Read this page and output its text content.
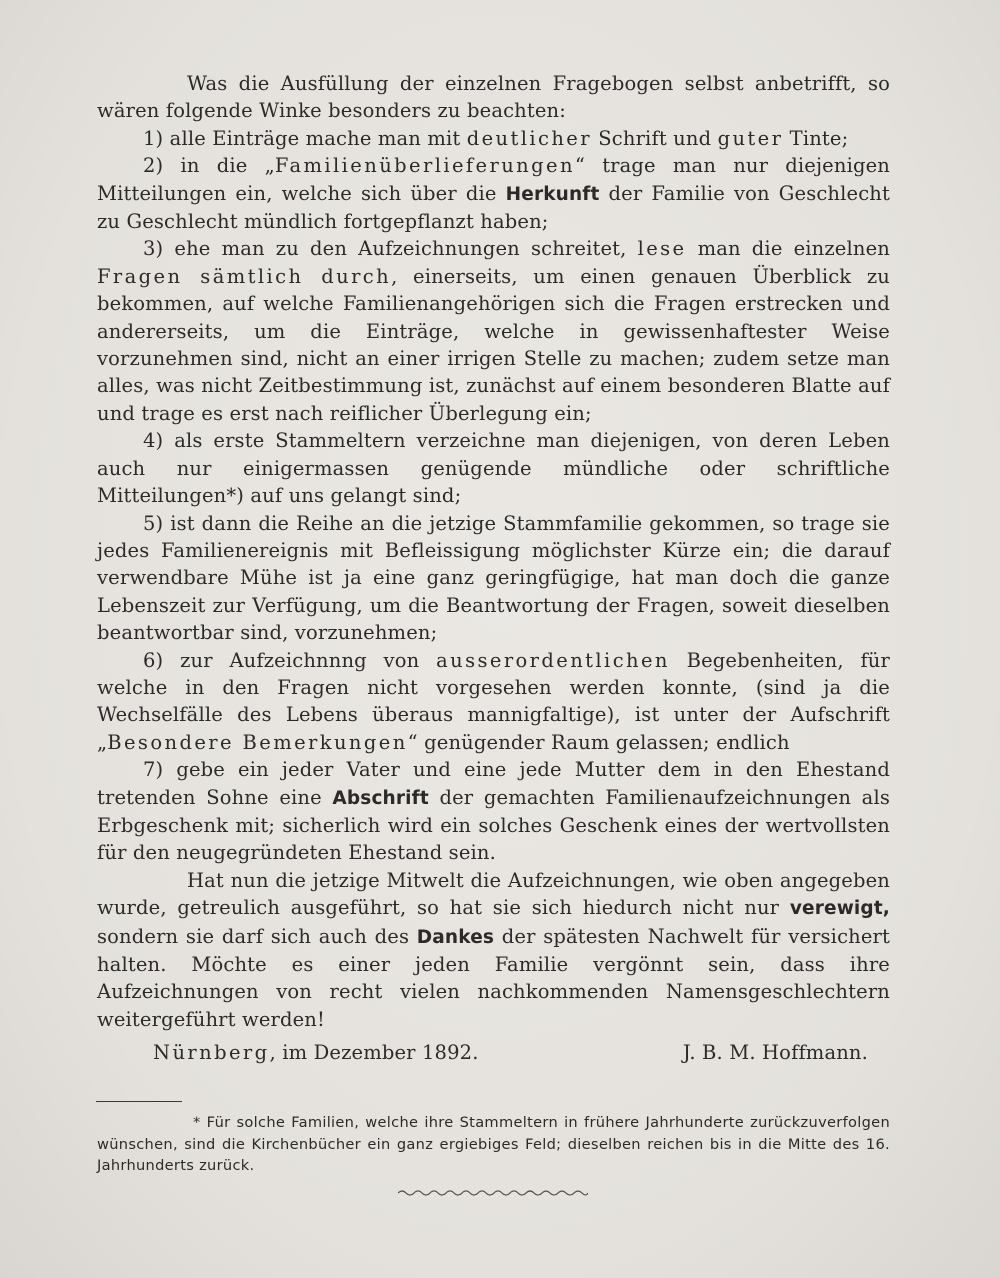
Was die Ausfüllung der einzelnen Fragebogen selbst anbetrifft, so wären folgende Winke besonders zu beachten:

1) alle Einträge mache man mit deutlicher Schrift und guter Tinte;

2) in die „Familienüberlieferungen“ trage man nur diejenigen Mitteilungen ein, welche sich über die Herkunft der Familie von Geschlecht zu Geschlecht mündlich fortgepflanzt haben;

3) ehe man zu den Aufzeichnungen schreitet, lese man die einzelnen Fragen sämtlich durch, einerseits, um einen genauen Überblick zu bekommen, auf welche Familienangehörigen sich die Fragen erstrecken und andererseits, um die Einträge, welche in gewissenhaftester Weise vorzunehmen sind, nicht an einer irrigen Stelle zu machen; zudem setze man alles, was nicht Zeitbestimmung ist, zunächst auf einem besonderen Blatte auf und trage es erst nach reiflicher Überlegung ein;

4) als erste Stammeltern verzeichne man diejenigen, von deren Leben auch nur einigermassen genügende mündliche oder schriftliche Mitteilungen*) auf uns gelangt sind;

5) ist dann die Reihe an die jetzige Stammfamilie gekommen, so trage sie jedes Familienereignis mit Befleissigung möglichster Kürze ein; die darauf verwendbare Mühe ist ja eine ganz geringfügige, hat man doch die ganze Lebenszeit zur Verfügung, um die Beantwortung der Fragen, soweit dieselben beantwortbar sind, vorzunehmen;

6) zur Aufzeichnnng von ausserordentlichen Begebenheiten, für welche in den Fragen nicht vorgesehen werden konnte, (sind ja die Wechselfälle des Lebens überaus mannigfaltige), ist unter der Aufschrift „Besondere Bemerkungen“ genügender Raum gelassen; endlich

7) gebe ein jeder Vater und eine jede Mutter dem in den Ehestand tretenden Sohne eine Abschrift der gemachten Familienaufzeichnungen als Erbgeschenk mit; sicherlich wird ein solches Geschenk eines der wertvollsten für den neugegründeten Ehestand sein.

Hat nun die jetzige Mitwelt die Aufzeichnungen, wie oben angegeben wurde, getreulich ausgeführt, so hat sie sich hiedurch nicht nur verewigt, sondern sie darf sich auch des Dankes der spätesten Nachwelt für versichert halten. Möchte es einer jeden Familie vergönnt sein, dass ihre Aufzeichnungen von recht vielen nachkommenden Namensgeschlechtern weitergeführt werden!

Nürnberg, im Dezember 1892.	J. B. M. Hoffmann.

* Für solche Familien, welche ihre Stammeltern in frühere Jahrhunderte zurückzuverfolgen wünschen, sind die Kirchenbücher ein ganz ergiebiges Feld; dieselben reichen bis in die Mitte des 16. Jahrhunderts zurück.
